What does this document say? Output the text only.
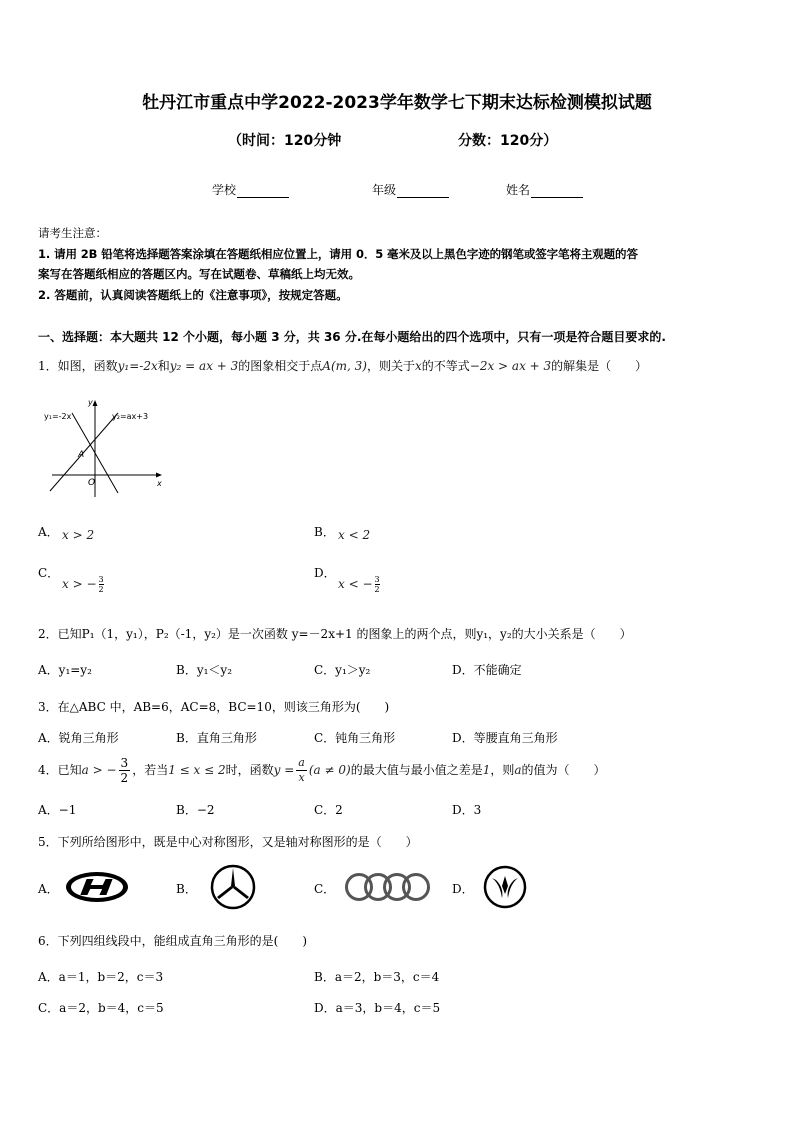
牡丹江市重点中学2022-2023学年数学七下期末达标检测模拟试题
（时间：120分钟	分数：120分）
学校	年级	姓名
请考生注意：
1. 请用 2B 铅笔将选择题答案涂填在答题纸相应位置上，请用 0．5 毫米及以上黑色字迹的钢笔或签字笔将主观题的答
案写在答题纸相应的答题区内。写在试题卷、草稿纸上均无效。
2. 答题前，认真阅读答题纸上的《注意事项》，按规定答题。
一、选择题：本大题共 12 个小题，每小题 3 分，共 36 分.在每小题给出的四个选项中，只有一项是符合题目要求的.
1．如图，函数y₁=-2x和y₂ = ax + 3的图象相交于点A(m, 3)，则关于x的不等式−2x > ax + 3的解集是（　　）
y₁=-2x	y₂=ax+3
y
x
O
A
A． x > 2	B． x < 2
C．
x > − $\frac{3}{2}$
D．
x < − $\frac{3}{2}$
2．已知P₁（1，y₁），P₂（-1，y₂）是一次函数 y=－2x+1 的图象上的两个点，则y₁，y₂的大小关系是（　　）
A．y₁=y₂	B．y₁＜y₂	C．y₁＞y₂	D．不能确定
3．在△ABC 中，AB=6，AC=8，BC=10，则该三角形为(　　)
A．锐角三角形	B．直角三角形	C．钝角三角形	D．等腰直角三角形
4．已知a > − $\frac{3}{2}$ ，若当1 ≤ x ≤ 2时，函数$y = \frac{a}{x} (a \ne 0)$的最大值与最小值之差是1，则a的值为（　　）
A．−1	B．−2	C．2	D．3
5．下列所给图形中，既是中心对称图形，又是轴对称图形的是（　　）
A．	B．	C．	D．
6．下列四组线段中，能组成直角三角形的是(　　)
A．a＝1，b＝2，c＝3	B．a＝2，b＝3，c＝4
C．a＝2，b＝4，c＝5	D．a＝3，b＝4，c＝5
